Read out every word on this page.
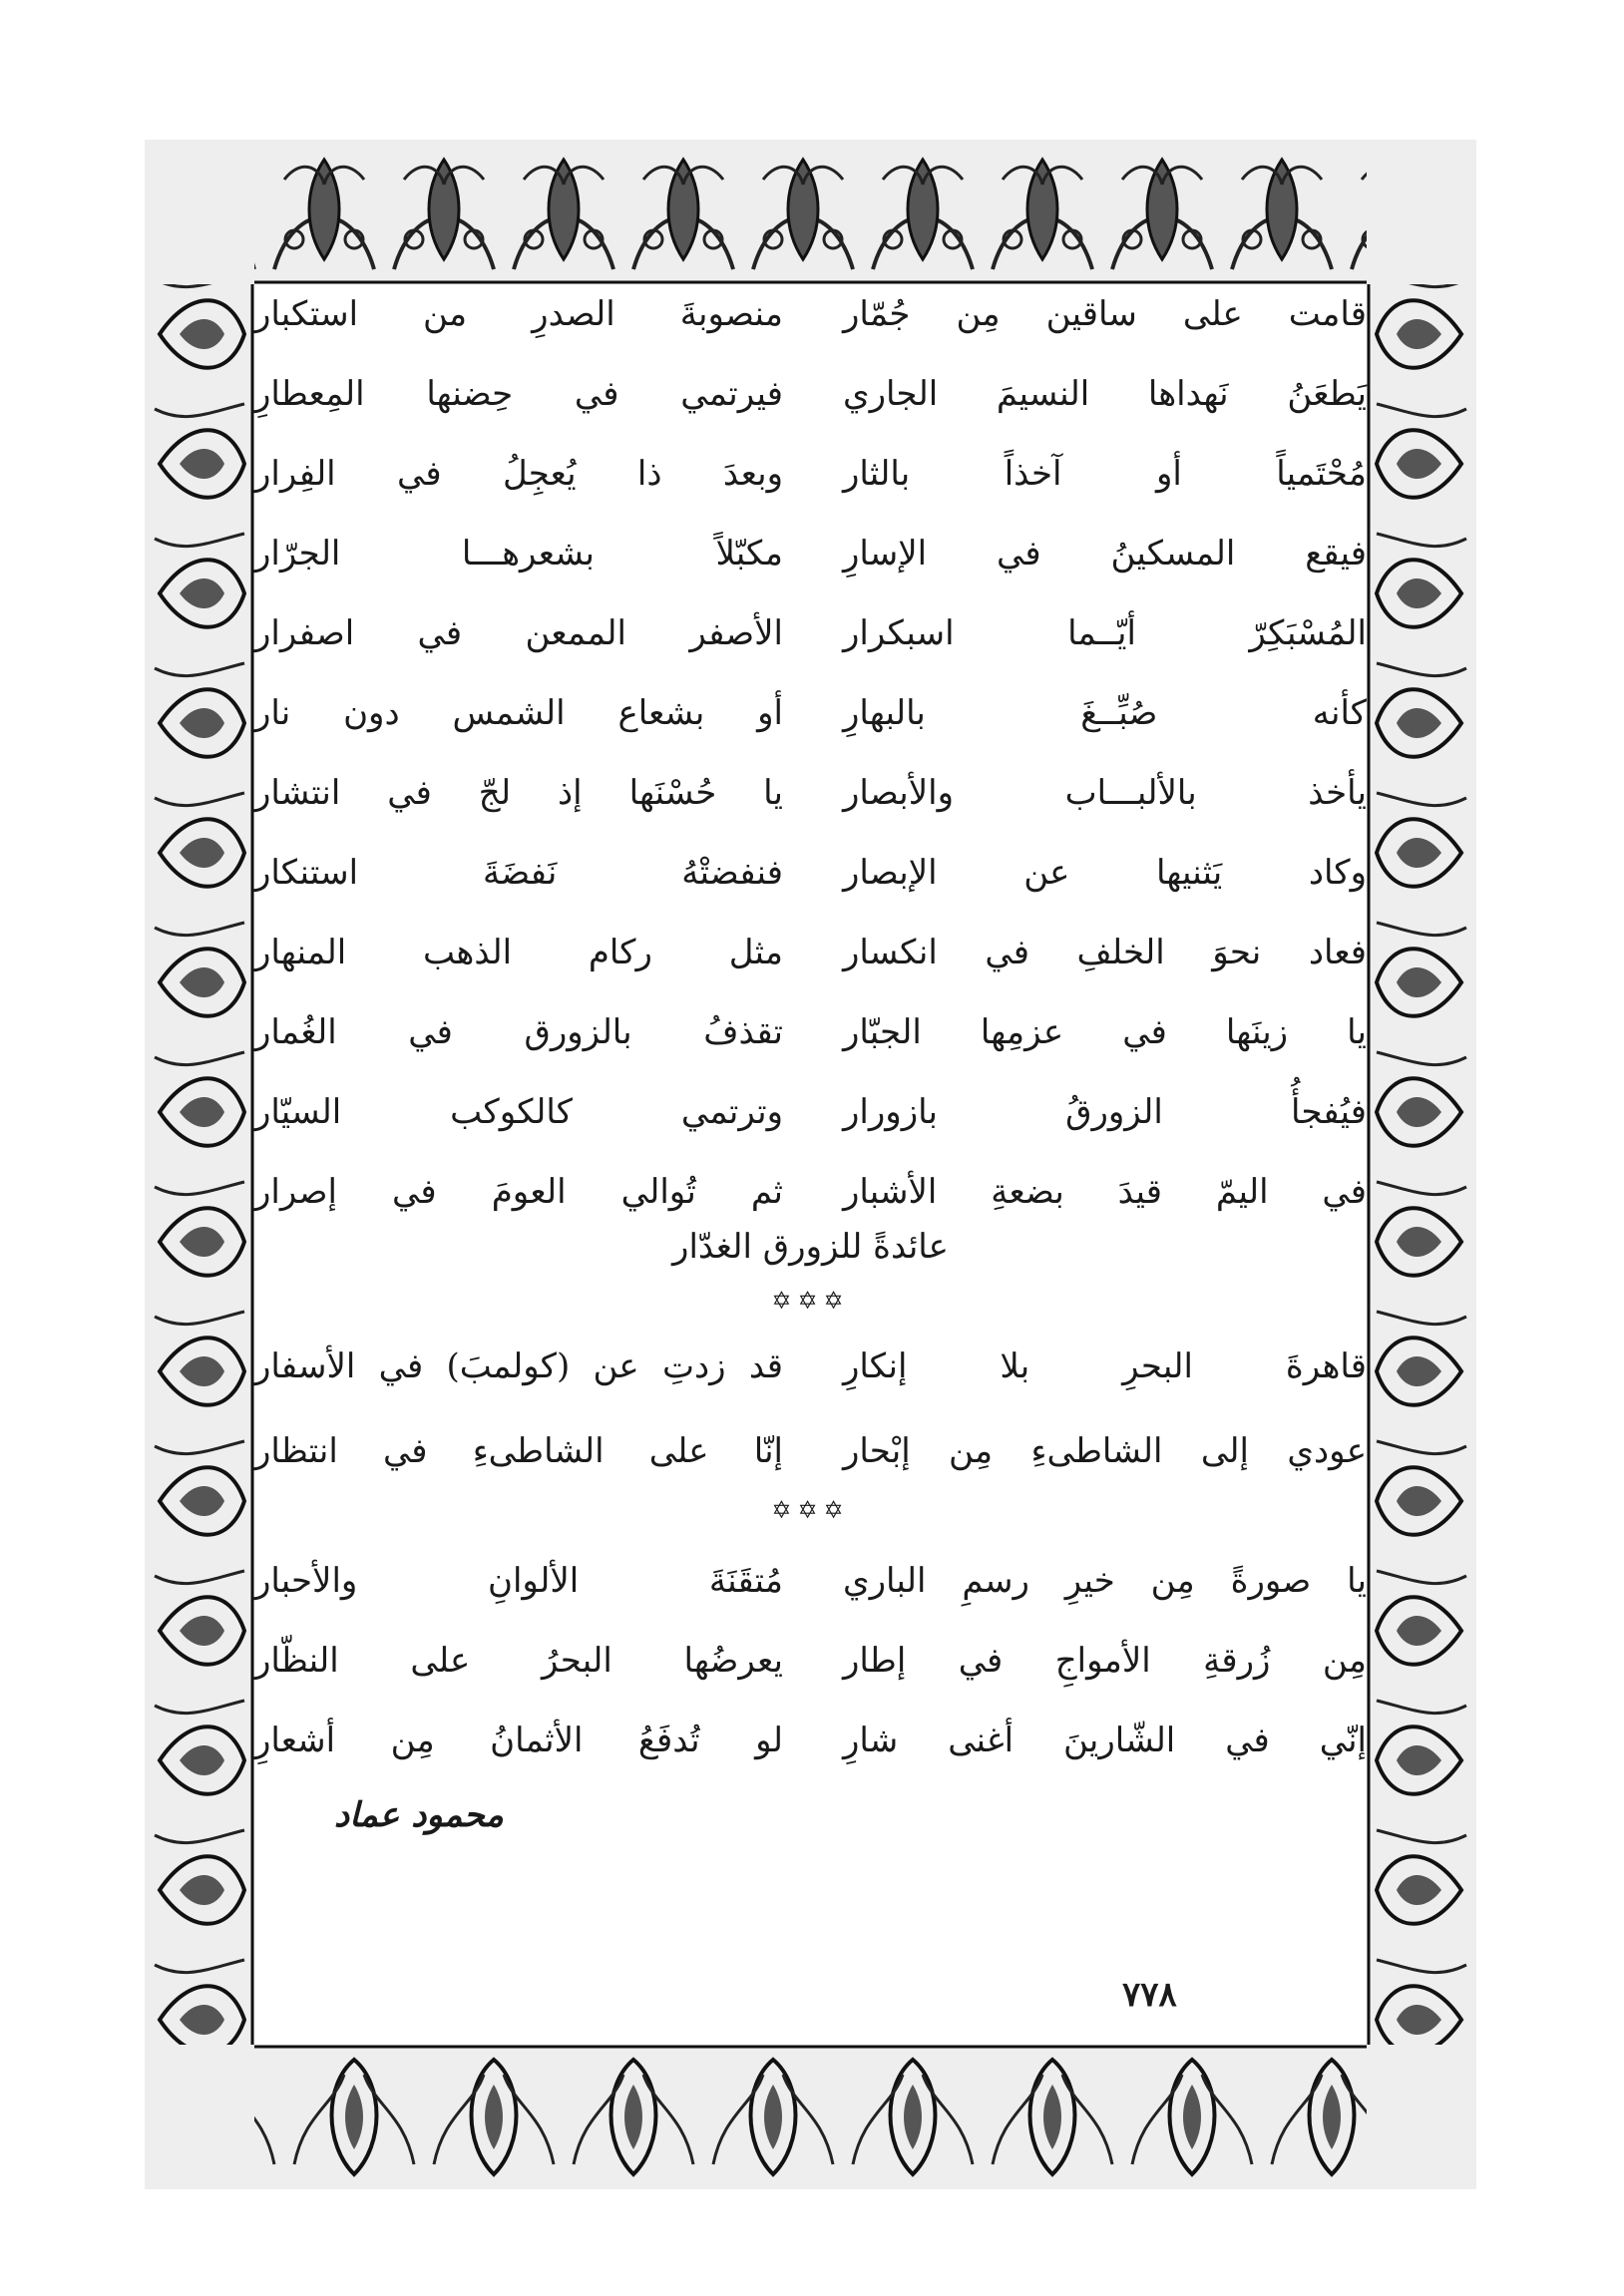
قامت على ساقين مِن جُمّار
منصوبةَ الصدرِ من استكبار
يَطعَنُ نَهداها النسيمَ الجاري
فيرتمي في حِضنها المِعطارِ
مُحْتَمياً أو آخذاً بالثار
وبعدَ ذا يُعجِلُ في الفِرار
فيقع المسكينُ في الإسارِ
مكبّلاً بشعرهـــا الجرّار
المُسْبَكِرّ أيّــما اسبكرار
الأصفر الممعن في اصفرار
كأنه صُبِّــغَ بالبهارِ
أو بشعاع الشمس دون نار
يأخذ بالألبـــاب والأبصار
يا حُسْنَها إذ لجّ في انتشار
وكاد يَثنيها عن الإبصار
فنفضتْهُ نَفضَةَ استنكار
فعاد نحوَ الخلفِ في انكسار
مثل ركام الذهب المنهار
يا زينَها في عزمِها الجبّار
تقذفُ بالزورق في الغُمار
فيُفجأُ الزورقُ بازورار
وترتمي كالكوكب السيّار
في اليمّ قيدَ بضعةِ الأشبار
ثم تُوالي العومَ في إصرار
عائدةً للزورق الغدّار
✡✡✡
قاهرةَ البحرِ بلا إنكارِ
قد زدتِ عن (كولمبَ) في الأسفار
عودي إلى الشاطىءِ مِن إبْحار
إنّا على الشاطىءِ في انتظار
✡✡✡
يا صورةً مِن خيرِ رسمِ الباري
مُتقَنَةَ الألوانِ والأحبار
مِن زُرقةِ الأمواجِ في إطار
يعرضُها البحرُ على النظّار
إنّي في الشّارينَ أغنى شارِ
لو تُدفَعُ الأثمانُ مِن أشعارِ
محمود عماد
٧٧٨
